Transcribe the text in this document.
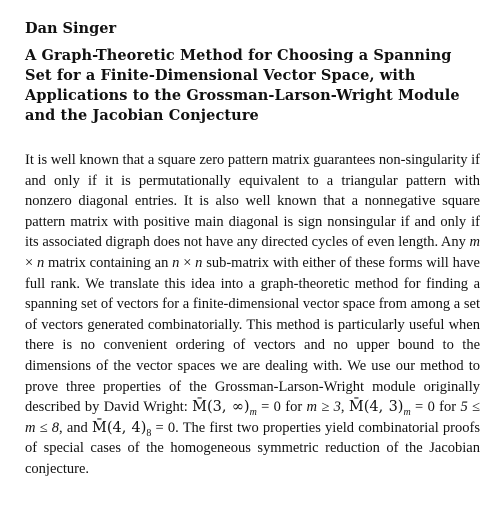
Dan Singer
A Graph-Theoretic Method for Choosing a Spanning Set for a Finite-Dimensional Vector Space, with Applications to the Grossman-Larson-Wright Module and the Jacobian Conjecture

It is well known that a square zero pattern matrix guarantees non-singularity if and only if it is permutationally equivalent to a triangular pattern with nonzero diagonal entries. It is also well known that a nonnegative square pattern matrix with positive main diagonal is sign nonsingular if and only if its associated digraph does not have any directed cycles of even length. Any m × n matrix containing an n × n sub-matrix with either of these forms will have full rank. We translate this idea into a graph-theoretic method for finding a spanning set of vectors for a finite-dimensional vector space from among a set of vectors generated combinatorially. This method is particularly useful when there is no convenient ordering of vectors and no upper bound to the dimensions of the vector spaces we are dealing with. We use our method to prove three properties of the Grossman-Larson-Wright module originally described by David Wright: M̄(3, $\infty)_m = 0$ for m ≥ 3, M̄(4, $3)_m = 0$ for 5 ≤ m ≤ 8, and M̄(4, $4)_8 = 0$. The first two properties yield combinatorial proofs of special cases of the homogeneous symmetric reduction of the Jacobian conjecture.
